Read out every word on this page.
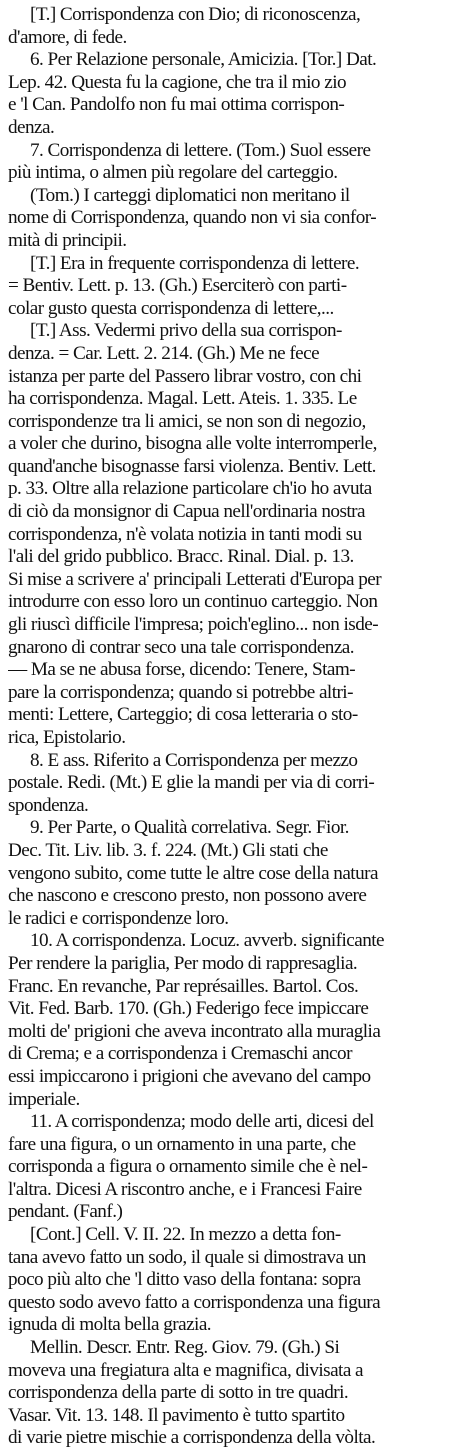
[T.] Corrispondenza con Dio; di riconoscenza,
d'amore, di fede.
6. Per Relazione personale, Amicizia. [Tor.] Dat.
Lep. 42. Questa fu la cagione, che tra il mio zio
e 'l Can. Pandolfo non fu mai ottima corrispon-
denza.
7. Corrispondenza di lettere. (Tom.) Suol essere
più intima, o almen più regolare del carteggio.
(Tom.) I carteggi diplomatici non meritano il
nome di Corrispondenza, quando non vi sia confor-
mità di principii.
[T.] Era in frequente corrispondenza di lettere.
= Bentiv. Lett. p. 13. (Gh.) Eserciterò con parti-
colar gusto questa corrispondenza di lettere,...
[T.] Ass. Vedermi privo della sua corrispon-
denza. = Car. Lett. 2. 214. (Gh.) Me ne fece
istanza per parte del Passero librar vostro, con chi
ha corrispondenza. Magal. Lett. Ateis. 1. 335. Le
corrispondenze tra li amici, se non son di negozio,
a voler che durino, bisogna alle volte interromperle,
quand'anche bisognasse farsi violenza. Bentiv. Lett.
p. 33. Oltre alla relazione particolare ch'io ho avuta
di ciò da monsignor di Capua nell'ordinaria nostra
corrispondenza, n'è volata notizia in tanti modi su
l'ali del grido pubblico. Bracc. Rinal. Dial. p. 13.
Si mise a scrivere a' principali Letterati d'Europa per
introdurre con esso loro un continuo carteggio. Non
gli riuscì difficile l'impresa; poich'eglino... non isde-
gnarono di contrar seco una tale corrispondenza.
— Ma se ne abusa forse, dicendo: Tenere, Stam-
pare la corrispondenza; quando si potrebbe altri-
menti: Lettere, Carteggio; di cosa letteraria o sto-
rica, Epistolario.
8. E ass. Riferito a Corrispondenza per mezzo
postale. Redi. (Mt.) E glie la mandi per via di corri-
spondenza.
9. Per Parte, o Qualità correlativa. Segr. Fior.
Dec. Tit. Liv. lib. 3. f. 224. (Mt.) Gli stati che
vengono subito, come tutte le altre cose della natura
che nascono e crescono presto, non possono avere
le radici e corrispondenze loro.
10. A corrispondenza. Locuz. avverb. significante
Per rendere la pariglia, Per modo di rappresaglia.
Franc. En revanche, Par représailles. Bartol. Cos.
Vit. Fed. Barb. 170. (Gh.) Federigo fece impiccare
molti de' prigioni che aveva incontrato alla muraglia
di Crema; e a corrispondenza i Cremaschi ancor
essi impiccarono i prigioni che avevano del campo
imperiale.
11. A corrispondenza; modo delle arti, dicesi del
fare una figura, o un ornamento in una parte, che
corrisponda a figura o ornamento simile che è nel-
l'altra. Dicesi A riscontro anche, e i Francesi Faire
pendant. (Fanf.)
[Cont.] Cell. V. II. 22. In mezzo a detta fon-
tana avevo fatto un sodo, il quale si dimostrava un
poco più alto che 'l ditto vaso della fontana: sopra
questo sodo avevo fatto a corrispondenza una figura
ignuda di molta bella grazia.
Mellin. Descr. Entr. Reg. Giov. 79. (Gh.) Si
moveva una fregiatura alta e magnifica, divisata a
corrispondenza della parte di sotto in tre quadri.
Vasar. Vit. 13. 148. Il pavimento è tutto spartito
di varie pietre mischie a corrispondenza della vòlta.
